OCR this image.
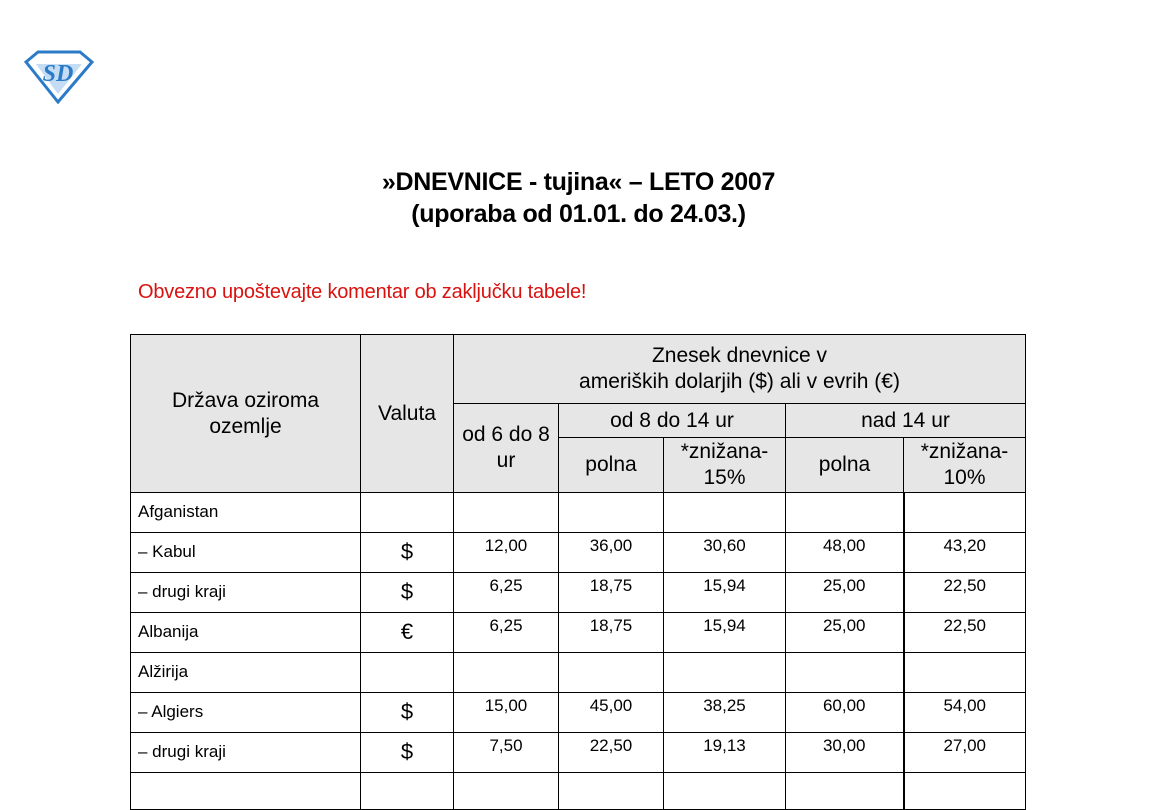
SD
»DNEVNICE - tujina« – LETO 2007
(uporaba od 01.01. do 24.03.)
Obvezno upoštevajte komentar ob zaključku tabele!
Država oziroma ozemlje	Valuta	Znesek dnevnice v
ameriških dolarjih ($) ali v evrih (€)				

		od 6 do 8 ur	od 8 do 14 ur		nad 14 ur	
			polna	*znižana-15%	polna	*znižana-10%

Afganistan						
– Kabul	$	12,00	36,00	30,60	48,00	43,20
– drugi kraji	$	6,25	18,75	15,94	25,00	22,50
Albanija	€	6,25	18,75	15,94	25,00	22,50
Alžirija						
– Algiers	$	15,00	45,00	38,25	60,00	54,00
– drugi kraji	$	7,50	22,50	19,13	30,00	27,00
